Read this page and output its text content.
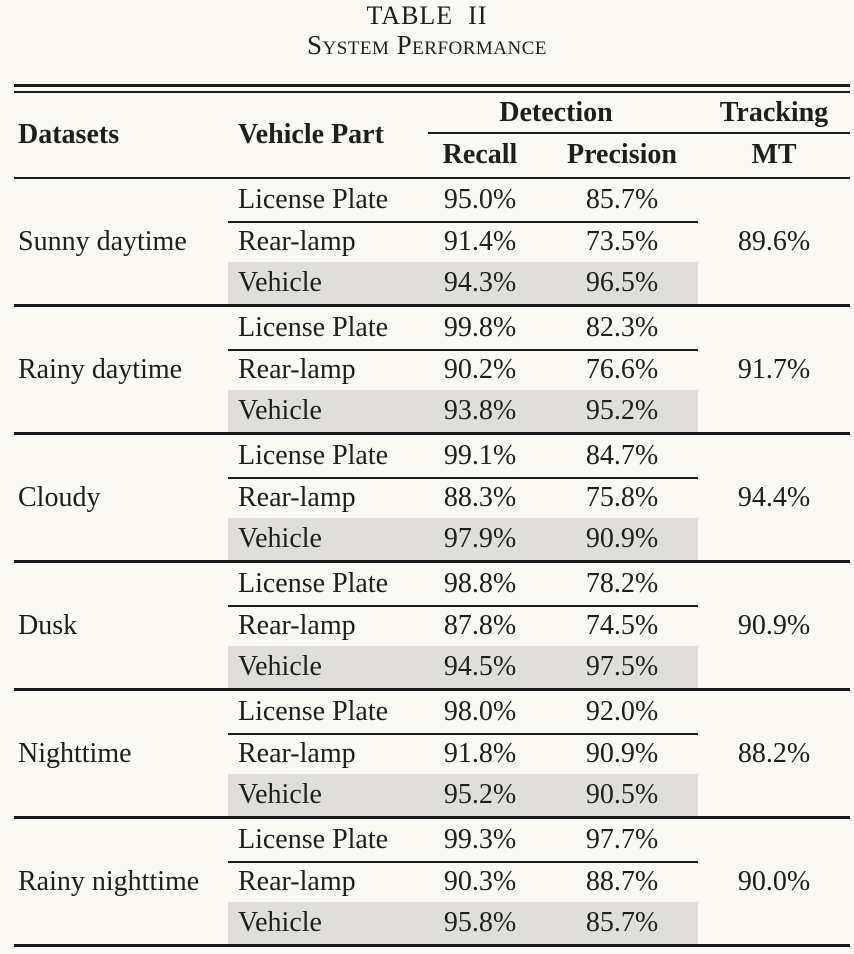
TABLE  II
System Performance
Datasets	Vehicle Part
Detection	Tracking
Recall	Precision	MT
Sunny daytime
License Plate	95.0%	85.7%
Rear-lamp	91.4%	73.5%
Vehicle	94.3%	96.5%
89.6%
Rainy daytime
License Plate	99.8%	82.3%
Rear-lamp	90.2%	76.6%
Vehicle	93.8%	95.2%
91.7%
Cloudy
License Plate	99.1%	84.7%
Rear-lamp	88.3%	75.8%
Vehicle	97.9%	90.9%
94.4%
Dusk
License Plate	98.8%	78.2%
Rear-lamp	87.8%	74.5%
Vehicle	94.5%	97.5%
90.9%
Nighttime
License Plate	98.0%	92.0%
Rear-lamp	91.8%	90.9%
Vehicle	95.2%	90.5%
88.2%
Rainy nighttime
License Plate	99.3%	97.7%
Rear-lamp	90.3%	88.7%
Vehicle	95.8%	85.7%
90.0%
